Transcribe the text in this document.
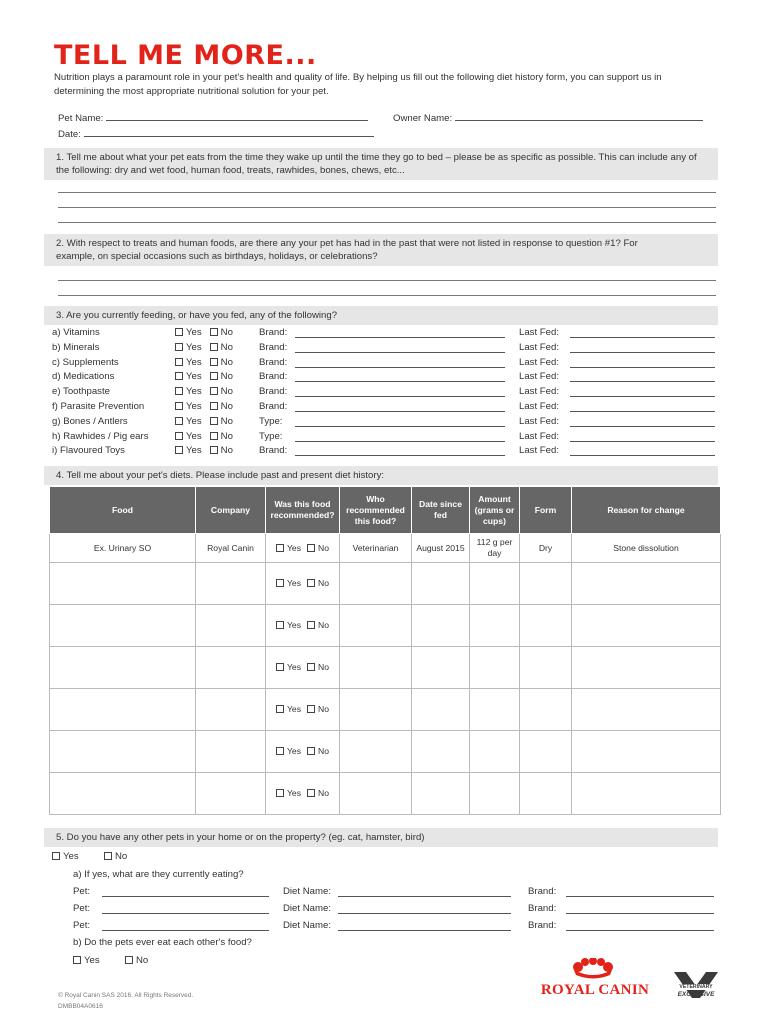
TELL ME MORE...
Nutrition plays a paramount role in your pet's health and quality of life. By helping us fill out the following diet history form, you can support us in determining the most appropriate nutritional solution for your pet.
Pet Name:	Owner Name:
Date:
1. Tell me about what your pet eats from the time they wake up until the time they go to bed – please be as specific as possible. This can include any of the following: dry and wet food, human food, treats, rawhides, bones, chews, etc...
2. With respect to treats and human foods, are there any your pet has had in the past that were not listed in response to question #1? For example, on special occasions such as birthdays, holidays, or celebrations?
3. Are you currently feeding, or have you fed, any of the following?
a) Vitamins	Yes No	Brand:	Last Fed:
b) Minerals	Yes No	Brand:	Last Fed:
c) Supplements	Yes No	Brand:	Last Fed:
d) Medications	Yes No	Brand:	Last Fed:
e) Toothpaste	Yes No	Brand:	Last Fed:
f) Parasite Prevention	Yes No	Brand:	Last Fed:
g) Bones / Antlers	Yes No	Type:	Last Fed:
h) Rawhides / Pig ears	Yes No	Type:	Last Fed:
i) Flavoured Toys	Yes No	Brand:	Last Fed:
4. Tell me about your pet's diets. Please include past and present diet history:
Food	Company	Was this food recommended?	Who recommended this food?	Date since fed	Amount (grams or cups)	Form	Reason for change
Ex. Urinary SO	Royal Canin	Yes No	Veterinarian	August 2015	112 g per day	Dry	Stone dissolution
		Yes No					
		Yes No					
		Yes No					
		Yes No					
		Yes No					
		Yes No					
5. Do you have any other pets in your home or on the property? (eg. cat, hamster, bird)
Yes	No
a) If yes, what are they currently eating?
Pet:	Diet Name:	Brand:
Pet:	Diet Name:	Brand:
Pet:	Diet Name:	Brand:
b) Do the pets ever eat each other's food?
Yes	No
© Royal Canin SAS 2016. All Rights Reserved.
DMBB04A0616
ROYAL CANIN	VETERINARY
EXCLUSIVE
